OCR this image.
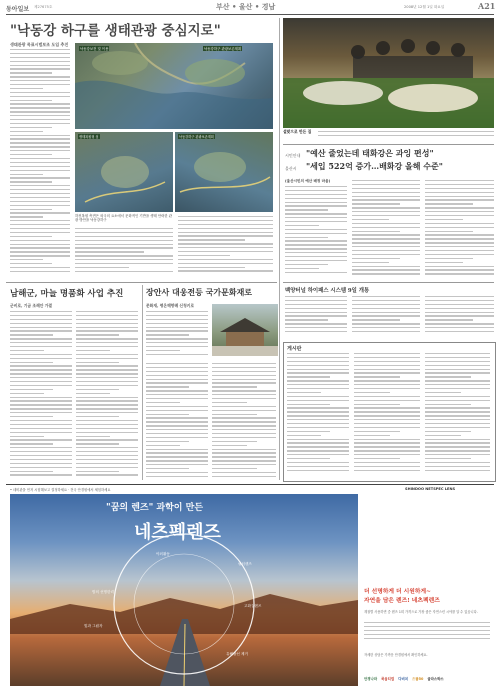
동아일보 제27675호	부산 • 울산 • 경남	2008년 12월 1일 화요일	A21
"낙동강 하구를 생태관광 중심지로"
생태관광 목표시범보조 도입 추진
낙동강보전 및 이용	낙동강하구 관광보존계획
생태복원형 섬	낙동강하구 관광보존계획
하천복원 측면은 외국의 요소에서 문화적인 기반을 생태 안락한 관광 방안을 낙동강하구
설맞으로 만든 집
시민안내 "예산 줄었는데 태화강은 과잉 편성"
울산시 "세입 522억 증가…배화강 올해 수준"
(울산시민의 예산 배정 마음)
백양터널 하이패스 시스템 9일 개통
게시판
남해군, 마늘 명품화 사업 추진
군비로, 기금 조례안 가결
장안사 대웅전등 국가문화재로
문화재, 평온해향례 신청키로
• 네비관을 먼저 시험해보고 결정하세요 · 전국 안경원에서 체험하세요	SHINDOO NETSPEC LENS
"꿈의 렌즈" 과학이 만든
네츠펙렌즈
야외활동
필터렌즈
밤의 선명한력
고화질렌즈
빛과 그림자
유해광선 제거
더 선명하게 더 시원하게~
자연을 담은 렌즈! 네츠펙렌즈
계절별 사용하면 중 렌즈 1회 가격으로 가장 좋은 자연스런 시야를 알 수 있습니다.
자세한 상담은 가까운 안경원에서 확인하세요.
안경나라 룩옵티컬 다비치 으뜸50 글라스박스
